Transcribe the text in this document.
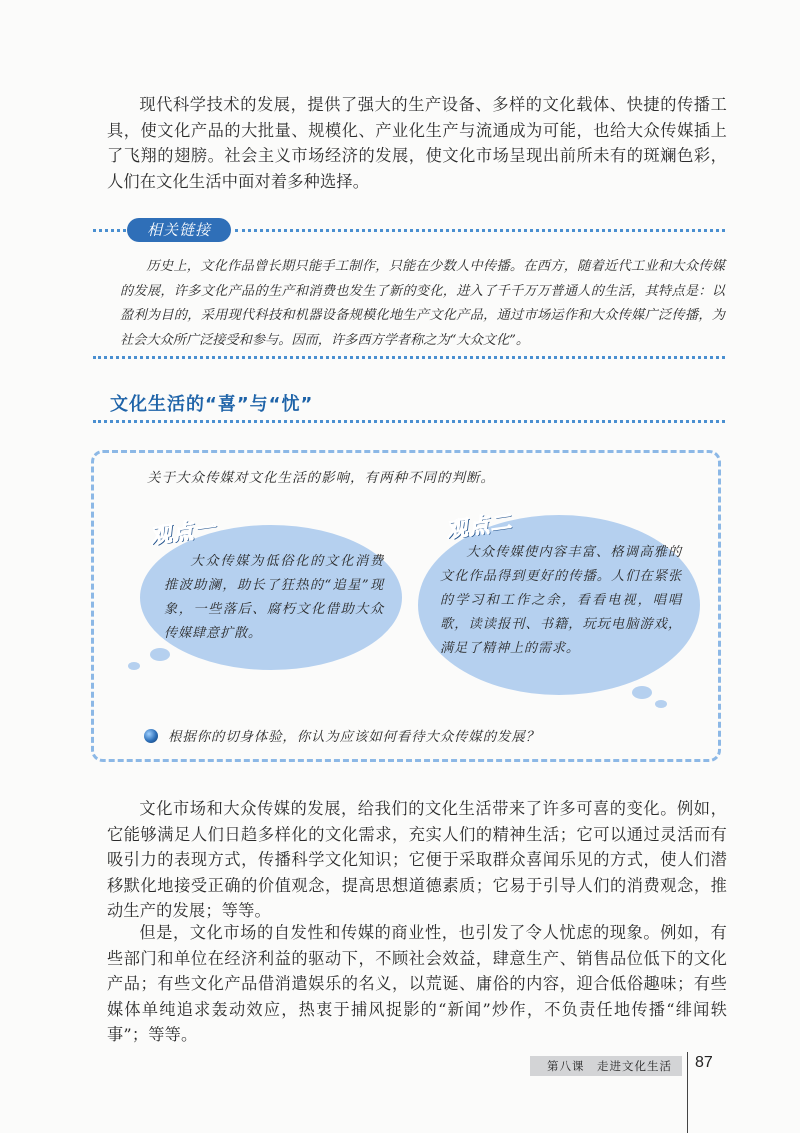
现代科学技术的发展，提供了强大的生产设备、多样的文化载体、快捷的传播工具，使文化产品的大批量、规模化、产业化生产与流通成为可能，也给大众传媒插上了飞翔的翅膀。社会主义市场经济的发展，使文化市场呈现出前所未有的斑斓色彩，人们在文化生活中面对着多种选择。

相关链接

历史上，文化作品曾长期只能手工制作，只能在少数人中传播。在西方，随着近代工业和大众传媒的发展，许多文化产品的生产和消费也发生了新的变化，进入了千千万万普通人的生活，其特点是：以盈利为目的，采用现代科技和机器设备规模化地生产文化产品，通过市场运作和大众传媒广泛传播，为社会大众所广泛接受和参与。因而，许多西方学者称之为“大众文化”。

文化生活的“喜”与“忧”
关于大众传媒对文化生活的影响，有两种不同的判断。
观点一

大众传媒为低俗化的文化消费推波助澜，助长了狂热的“追星”现象，一些落后、腐朽文化借助大众传媒肆意扩散。

观点二

大众传媒使内容丰富、格调高雅的文化作品得到更好的传播。人们在紧张的学习和工作之余，看看电视，唱唱歌，读读报刊、书籍，玩玩电脑游戏，满足了精神上的需求。

根据你的切身体验，你认为应该如何看待大众传媒的发展？

文化市场和大众传媒的发展，给我们的文化生活带来了许多可喜的变化。例如，它能够满足人们日趋多样化的文化需求，充实人们的精神生活；它可以通过灵活而有吸引力的表现方式，传播科学文化知识；它便于采取群众喜闻乐见的方式，使人们潜移默化地接受正确的价值观念，提高思想道德素质；它易于引导人们的消费观念，推动生产的发展；等等。

但是，文化市场的自发性和传媒的商业性，也引发了令人忧虑的现象。例如，有些部门和单位在经济利益的驱动下，不顾社会效益，肆意生产、销售品位低下的文化产品；有些文化产品借消遣娱乐的名义，以荒诞、庸俗的内容，迎合低俗趣味；有些媒体单纯追求轰动效应，热衷于捕风捉影的“新闻”炒作，不负责任地传播“绯闻轶事”；等等。

第八课　走进文化生活 87
